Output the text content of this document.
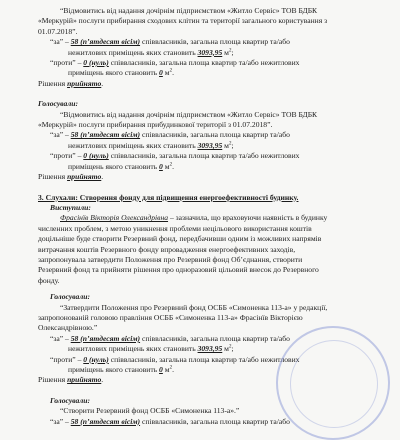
“Відмовитись від надання дочірнім підприємством «Житло Сервіс» ТОВ БДБК
«Меркурій» послуги прибирання сходових клітин та території загального користування з
01.07.2018”.
“за” – 58 (п’ятдесят вісім) співвласників, загальна площа квартир та/або
нежитлових приміщень яких становить 3093,95 $м^2$;
“проти” – 0 (нуль) співвласників, загальна площа квартир та/або нежитлових
приміщень якого становить 0 $м^2$.
Рішення прийнято.
Голосували:
“Відмовитись від надання дочірнім підприємством «Житло Сервіс» ТОВ БДБК
«Меркурій» послуги прибирання прибудинкової території з 01.07.2018”.
“за” – 58 (п’ятдесят вісім) співвласників, загальна площа квартир та/або
нежитлових приміщень яких становить 3093,95 $м^2$;
“проти” – 0 (нуль) співвласників, загальна площа квартир та/або нежитлових
приміщень якого становить 0 $м^2$.
Рішення прийнято.
3. Слухали: Створення фонду для підвищення енергоефективності будинку.
Виступили:
Фрасінїв Вікторія Олександрівна – зазначила, що враховуючи наявність в будинку
численних проблем, з метою уникнення проблеми нецільового використання коштів
доцільніше буде створити Резервний фонд, передбачивши одним із можливих напрямів
витрачання коштів Резервного фонду впровадження енергоефективних заходів,
запропонувала затвердити Положення про Резервний фонд Об’єднання, створити
Резервний фонд та прийняти рішення про одноразовий цільовий внесок до Резервного
фонду.
Голосували:
“Затвердити Положення про Резервний фонд ОСББ «Симоненка 113-а» у редакції,
запропонованій головою правління ОСББ «Симоненка 113-а» Фрасінїв Вікторією
Олександрівною.”
“за” – 58 (п’ятдесят вісім) співвласників, загальна площа квартир та/або
нежитлових приміщень яких становить 3093,95 $м^2$;
“проти” – 0 (нуль) співвласників, загальна площа квартир та/або нежитлових
приміщень якого становить 0 $м^2$.
Рішення прийнято.
Голосували:
“Створити Резервний фонд ОСББ «Симоненка 113-а».”
“за” – 58 (п’ятдесят вісім) співвласників, загальна площа квартир та/або
